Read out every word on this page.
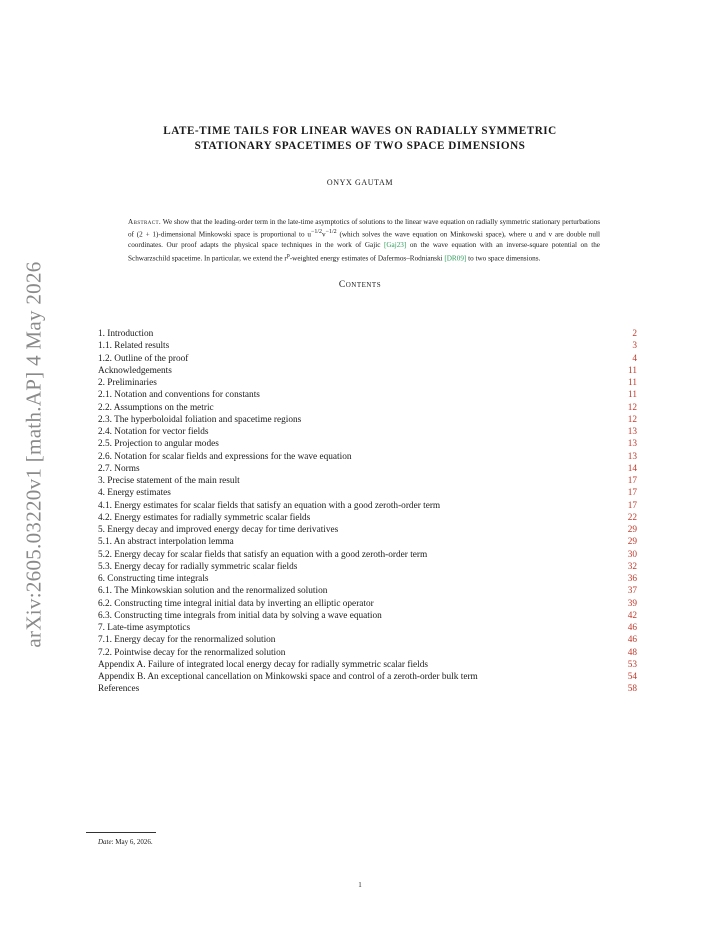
arXiv:2605.03220v1 [math.AP] 4 May 2026
LATE-TIME TAILS FOR LINEAR WAVES ON RADIALLY SYMMETRIC
STATIONARY SPACETIMES OF TWO SPACE DIMENSIONS
ONYX GAUTAM
Abstract. We show that the leading-order term in the late-time asymptotics of solutions to the linear wave equation on radially symmetric stationary perturbations of (2 + 1)-dimensional Minkowski space is proportional to $u^{-1/2}v^{-1/2}$ (which solves the wave equation on Minkowski space), where u and v are double null coordinates. Our proof adapts the physical space techniques in the work of Gajic [Gaj23] on the wave equation with an inverse-square potential on the Schwarzschild spacetime. In particular, we extend the $r^p$-weighted energy estimates of Dafermos–Rodnianski [DR09] to two space dimensions.
Contents
1. Introduction	2
1.1. Related results	3
1.2. Outline of the proof	4
Acknowledgements	11
2. Preliminaries	11
2.1. Notation and conventions for constants	11
2.2. Assumptions on the metric	12
2.3. The hyperboloidal foliation and spacetime regions	12
2.4. Notation for vector fields	13
2.5. Projection to angular modes	13
2.6. Notation for scalar fields and expressions for the wave equation	13
2.7. Norms	14
3. Precise statement of the main result	17
4. Energy estimates	17
4.1. Energy estimates for scalar fields that satisfy an equation with a good zeroth-order term	17
4.2. Energy estimates for radially symmetric scalar fields	22
5. Energy decay and improved energy decay for time derivatives	29
5.1. An abstract interpolation lemma	29
5.2. Energy decay for scalar fields that satisfy an equation with a good zeroth-order term	30
5.3. Energy decay for radially symmetric scalar fields	32
6. Constructing time integrals	36
6.1. The Minkowskian solution and the renormalized solution	37
6.2. Constructing time integral initial data by inverting an elliptic operator	39
6.3. Constructing time integrals from initial data by solving a wave equation	42
7. Late-time asymptotics	46
7.1. Energy decay for the renormalized solution	46
7.2. Pointwise decay for the renormalized solution	48
Appendix A. Failure of integrated local energy decay for radially symmetric scalar fields	53
Appendix B. An exceptional cancellation on Minkowski space and control of a zeroth-order bulk term	54
References	58
Date: May 6, 2026.
1
